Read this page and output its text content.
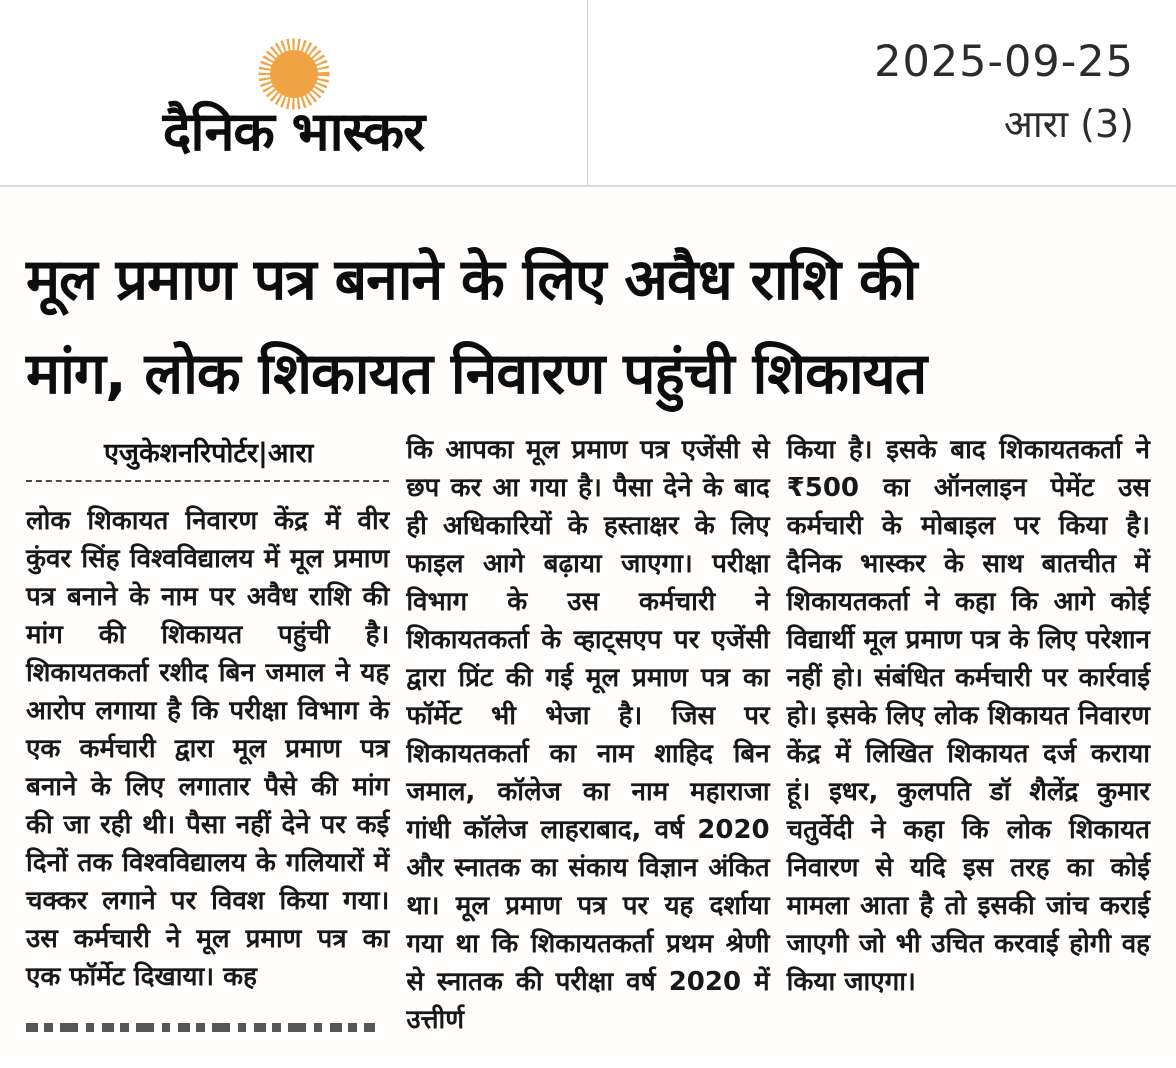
दैनिक भास्कर
2025-09-25
आरा (3)
मूल प्रमाण पत्र बनाने के लिए अवैध राशि की
मांग, लोक शिकायत निवारण पहुंची शिकायत
एजुकेशनरिपोर्टर|आरा

लोक शिकायत निवारण केंद्र में वीर कुंवर सिंह विश्वविद्यालय में मूल प्रमाण पत्र बनाने के नाम पर अवैध राशि की मांग की शिकायत पहुंची है। शिकायतकर्ता रशीद बिन जमाल ने यह आरोप लगाया है कि परीक्षा विभाग के एक कर्मचारी द्वारा मूल प्रमाण पत्र बनाने के लिए लगातार पैसे की मांग की जा रही थी। पैसा नहीं देने पर कई दिनों तक विश्वविद्यालय के गलियारों में चक्कर लगाने पर विवश किया गया। उस कर्मचारी ने मूल प्रमाण पत्र का एक फॉर्मेट दिखाया। कह

कि आपका मूल प्रमाण पत्र एजेंसी से छप कर आ गया है। पैसा देने के बाद ही अधिकारियों के हस्ताक्षर के लिए फाइल आगे बढ़ाया जाएगा। परीक्षा विभाग के उस कर्मचारी ने शिकायतकर्ता के व्हाट्सएप पर एजेंसी द्वारा प्रिंट की गई मूल प्रमाण पत्र का फॉर्मेट भी भेजा है। जिस पर शिकायतकर्ता का नाम शाहिद बिन जमाल, कॉलेज का नाम महाराजा गांधी कॉलेज लाहराबाद, वर्ष 2020 और स्नातक का संकाय विज्ञान अंकित था। मूल प्रमाण पत्र पर यह दर्शाया गया था कि शिकायतकर्ता प्रथम श्रेणी से स्नातक की परीक्षा वर्ष 2020 में उत्तीर्ण

किया है। इसके बाद शिकायतकर्ता ने ₹500 का ऑनलाइन पेमेंट उस कर्मचारी के मोबाइल पर किया है। दैनिक भास्कर के साथ बातचीत में शिकायतकर्ता ने कहा कि आगे कोई विद्यार्थी मूल प्रमाण पत्र के लिए परेशान नहीं हो। संबंधित कर्मचारी पर कार्रवाई हो। इसके लिए लोक शिकायत निवारण केंद्र में लिखित शिकायत दर्ज कराया हूं। इधर, कुलपति डॉ शैलेंद्र कुमार चतुर्वेदी ने कहा कि लोक शिकायत निवारण से यदि इस तरह का कोई मामला आता है तो इसकी जांच कराई जाएगी जो भी उचित करवाई होगी वह किया जाएगा।
